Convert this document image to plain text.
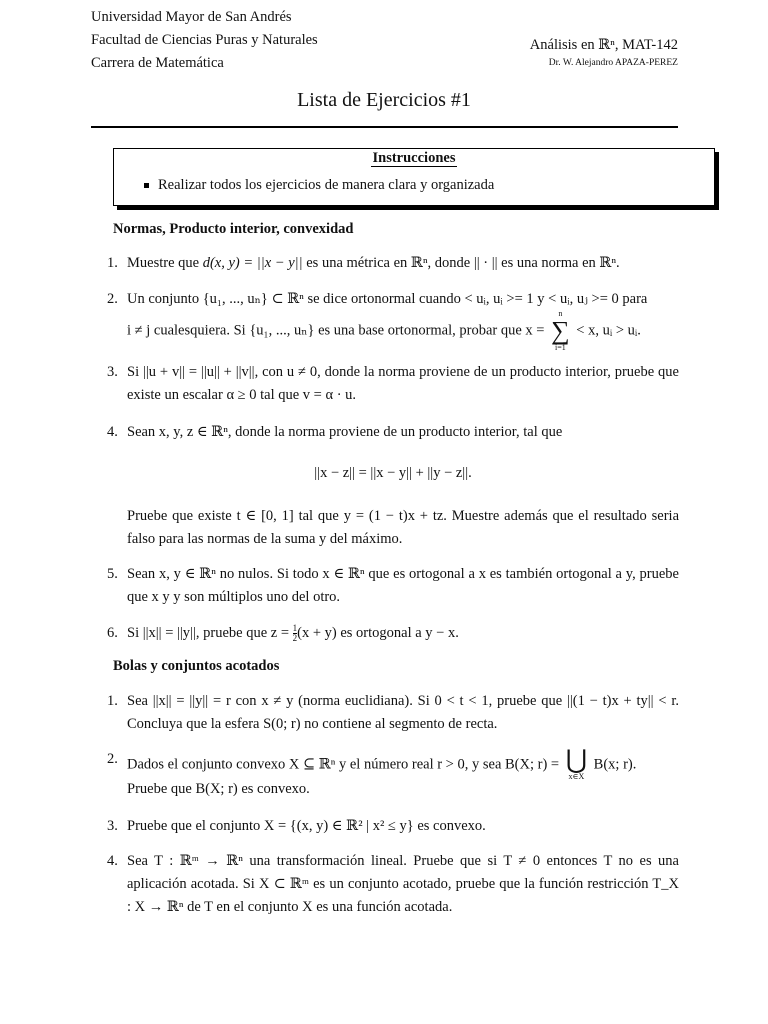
Universidad Mayor de San Andrés
Facultad de Ciencias Puras y Naturales
Carrera de Matemática
Análisis en ℝⁿ, MAT-142
Dr. W. Alejandro APAZA-PEREZ
Lista de Ejercicios #1
Instrucciones
Realizar todos los ejercicios de manera clara y organizada
Normas, Producto interior, convexidad
1. Muestre que d(x, y) = ||x − y|| es una métrica en ℝⁿ, donde || · || es una norma en ℝⁿ.
2. Un conjunto {u₁, ..., uₙ} ⊂ ℝⁿ se dice ortonormal cuando < uᵢ, uᵢ >= 1 y < uᵢ, uⱼ >= 0 para
i ≠ j cualesquiera. Si {u₁, ..., uₙ} es una base ortonormal, probar que x =
n
∑
i=1
< x, uᵢ > uᵢ.
3. Si ||u + v|| = ||u|| + ||v||, con u ≠ 0, donde la norma proviene de un producto interior, pruebe que existe un escalar α ≥ 0 tal que v = α · u.
4. Sean x, y, z ∈ ℝⁿ, donde la norma proviene de un producto interior, tal que
||x − z|| = ||x − y|| + ||y − z||.
Pruebe que existe t ∈ [0, 1] tal que y = (1 − t)x + tz. Muestre además que el resultado seria falso para las normas de la suma y del máximo.
5. Sean x, y ∈ ℝⁿ no nulos. Si todo x ∈ ℝⁿ que es ortogonal a x es también ortogonal a y, pruebe que x y y son múltiplos uno del otro.
6. Si ||x|| = ||y||, pruebe que $z = \frac{1}{2} (x + y)$ es ortogonal a y − x.
Bolas y conjuntos acotados
1. Sea ||x|| = ||y|| = r con x ≠ y (norma euclidiana). Si 0 < t < 1, pruebe que ||(1 − t)x + ty|| < r. Concluya que la esfera S(0; r) no contiene al segmento de recta.
2. Dados el conjunto convexo X ⊆ ℝⁿ y el número real r > 0, y sea B(X; r) = ⋃
x∈X
B(x; r).
Pruebe que B(X; r) es convexo.
3. Pruebe que el conjunto X = {(x, y) ∈ ℝ² | x² ≤ y} es convexo.
4. Sea T : ℝᵐ → ℝⁿ una transformación lineal. Pruebe que si T ≠ 0 entonces T no es una aplicación acotada. Si X ⊂ ℝᵐ es un conjunto acotado, pruebe que la función restricción T_X : X → ℝⁿ de T en el conjunto X es una función acotada.
